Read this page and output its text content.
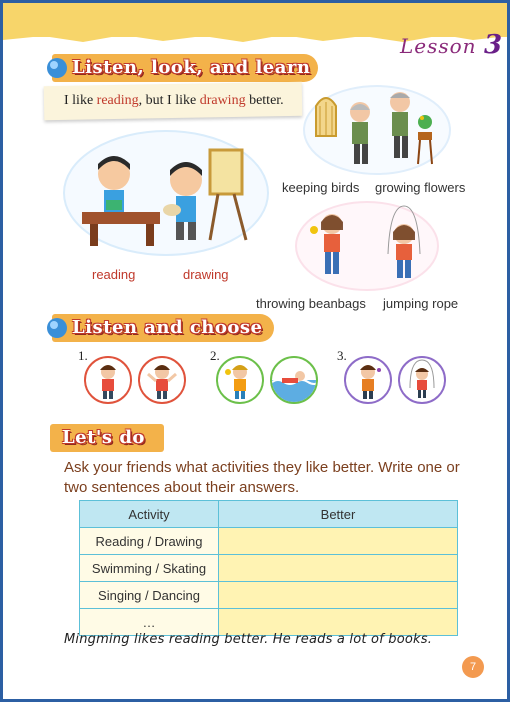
Lesson 3
Listen, look, and learn
I like reading, but I like drawing better.
reading	drawing
keeping birds growing flowers
throwing beanbags jumping rope
Listen and choose
1.	2.	3.
Let's do
Ask your friends what activities they like better. Write one or two sentences about their answers.
Activity	Better
Reading / Drawing	
Swimming / Skating	
Singing / Dancing	
…	
Mingming likes reading better. He reads a lot of books.
7
